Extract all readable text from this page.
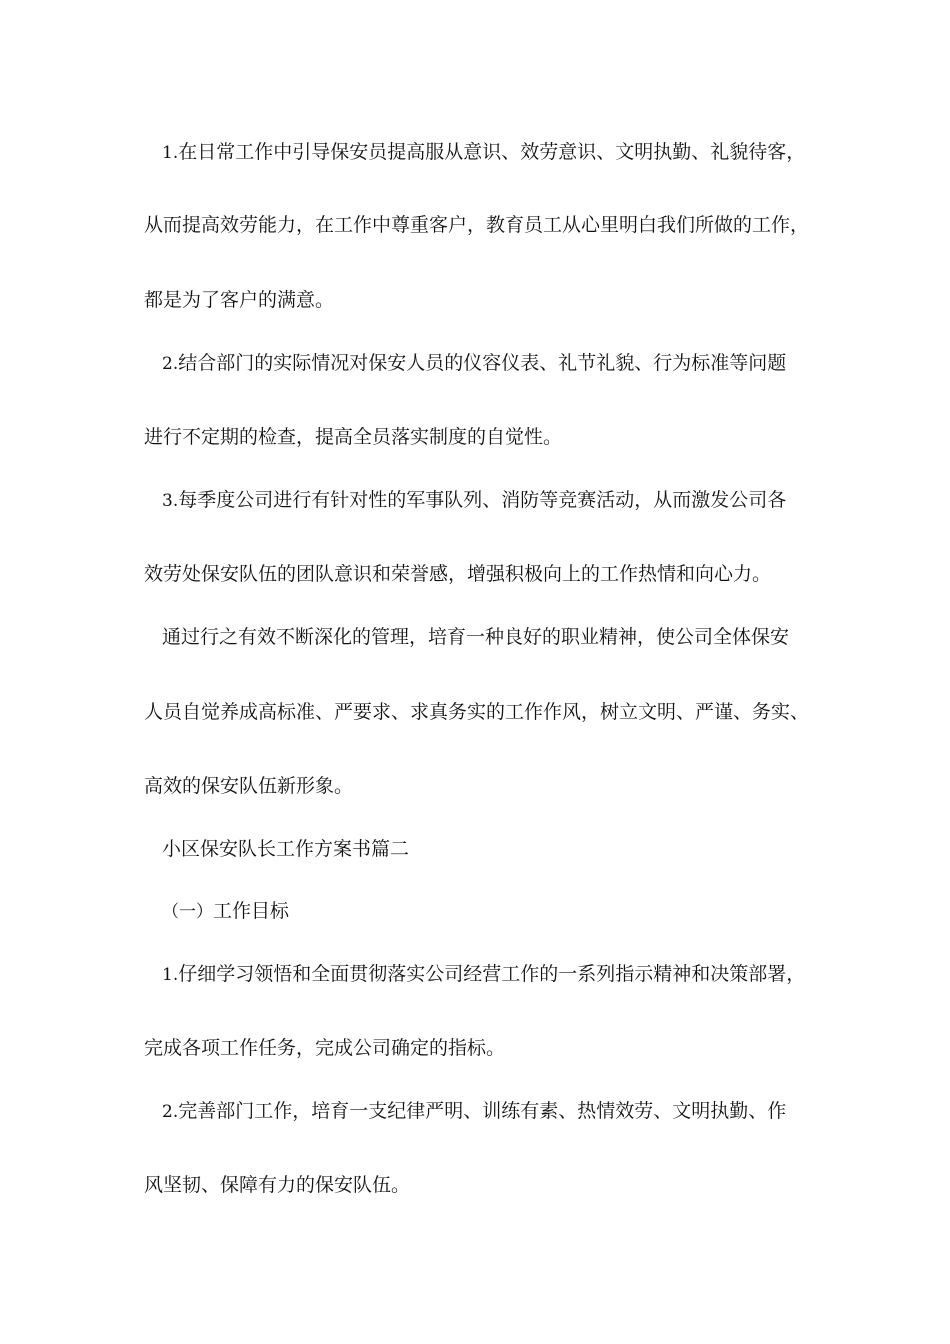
1.在日常工作中引导保安员提高服从意识、效劳意识、文明执勤、礼貌待客，
从而提高效劳能力，在工作中尊重客户，教育员工从心里明白我们所做的工作，
都是为了客户的满意。
2.结合部门的实际情况对保安人员的仪容仪表、礼节礼貌、行为标准等问题
进行不定期的检查，提高全员落实制度的自觉性。
3.每季度公司进行有针对性的军事队列、消防等竞赛活动，从而激发公司各
效劳处保安队伍的团队意识和荣誉感，增强积极向上的工作热情和向心力。
通过行之有效不断深化的管理，培育一种良好的职业精神，使公司全体保安
人员自觉养成高标准、严要求、求真务实的工作作风，树立文明、严谨、务实、
高效的保安队伍新形象。
小区保安队长工作方案书篇二
（一）工作目标
1.仔细学习领悟和全面贯彻落实公司经营工作的一系列指示精神和决策部署，
完成各项工作任务，完成公司确定的指标。
2.完善部门工作，培育一支纪律严明、训练有素、热情效劳、文明执勤、作
风坚韧、保障有力的保安队伍。
